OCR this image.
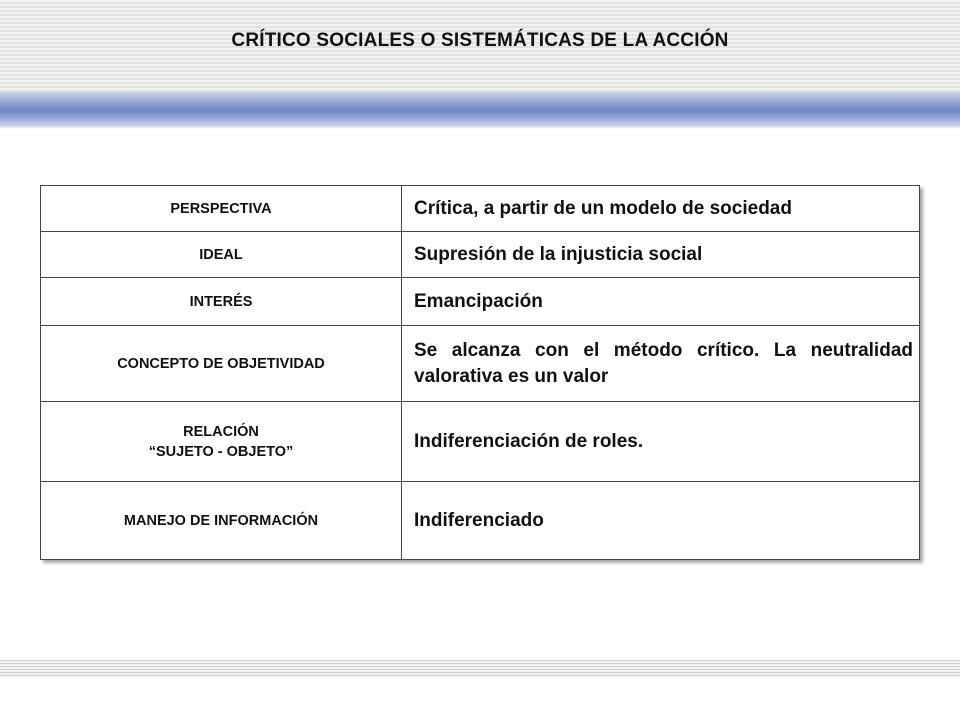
CRÍTICO SOCIALES O SISTEMÁTICAS DE LA ACCIÓN
PERSPECTIVA	Crítica, a partir de un modelo de sociedad

IDEAL	Supresión de la injusticia social

INTERÉS	Emancipación

CONCEPTO DE OBJETIVIDAD	Se alcanza con el método crítico. La neutralidad valorativa es un valor

RELACIÓN
“SUJETO - OBJETO”	Indiferenciación de roles.

MANEJO DE INFORMACIÓN	Indiferenciado
